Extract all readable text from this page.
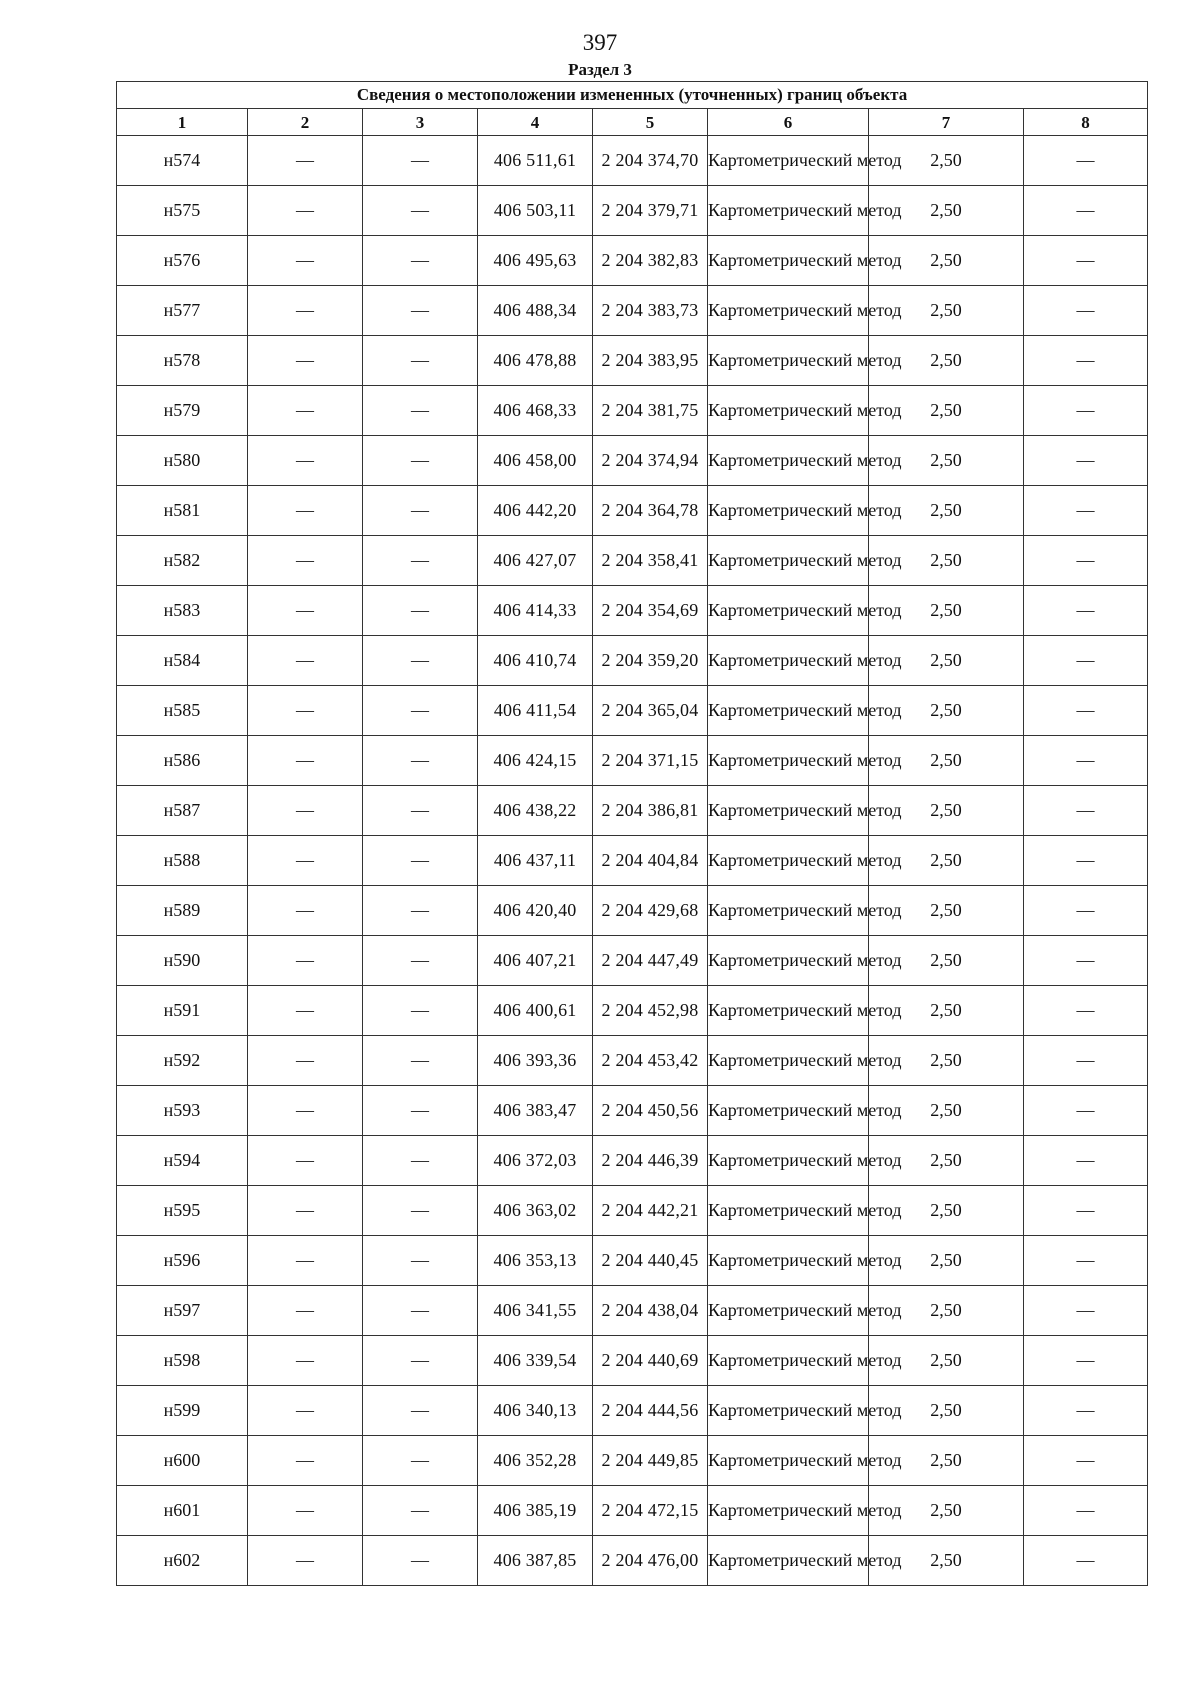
397
Раздел 3
Сведения о местоположении измененных (уточненных) границ объекта							
1	2	3	4	5	6	7	8
н574	—	—	406 511,61	2 204 374,70	Картометрический метод	2,50	—
н575	—	—	406 503,11	2 204 379,71	Картометрический метод	2,50	—
н576	—	—	406 495,63	2 204 382,83	Картометрический метод	2,50	—
н577	—	—	406 488,34	2 204 383,73	Картометрический метод	2,50	—
н578	—	—	406 478,88	2 204 383,95	Картометрический метод	2,50	—
н579	—	—	406 468,33	2 204 381,75	Картометрический метод	2,50	—
н580	—	—	406 458,00	2 204 374,94	Картометрический метод	2,50	—
н581	—	—	406 442,20	2 204 364,78	Картометрический метод	2,50	—
н582	—	—	406 427,07	2 204 358,41	Картометрический метод	2,50	—
н583	—	—	406 414,33	2 204 354,69	Картометрический метод	2,50	—
н584	—	—	406 410,74	2 204 359,20	Картометрический метод	2,50	—
н585	—	—	406 411,54	2 204 365,04	Картометрический метод	2,50	—
н586	—	—	406 424,15	2 204 371,15	Картометрический метод	2,50	—
н587	—	—	406 438,22	2 204 386,81	Картометрический метод	2,50	—
н588	—	—	406 437,11	2 204 404,84	Картометрический метод	2,50	—
н589	—	—	406 420,40	2 204 429,68	Картометрический метод	2,50	—
н590	—	—	406 407,21	2 204 447,49	Картометрический метод	2,50	—
н591	—	—	406 400,61	2 204 452,98	Картометрический метод	2,50	—
н592	—	—	406 393,36	2 204 453,42	Картометрический метод	2,50	—
н593	—	—	406 383,47	2 204 450,56	Картометрический метод	2,50	—
н594	—	—	406 372,03	2 204 446,39	Картометрический метод	2,50	—
н595	—	—	406 363,02	2 204 442,21	Картометрический метод	2,50	—
н596	—	—	406 353,13	2 204 440,45	Картометрический метод	2,50	—
н597	—	—	406 341,55	2 204 438,04	Картометрический метод	2,50	—
н598	—	—	406 339,54	2 204 440,69	Картометрический метод	2,50	—
н599	—	—	406 340,13	2 204 444,56	Картометрический метод	2,50	—
н600	—	—	406 352,28	2 204 449,85	Картометрический метод	2,50	—
н601	—	—	406 385,19	2 204 472,15	Картометрический метод	2,50	—
н602	—	—	406 387,85	2 204 476,00	Картометрический метод	2,50	—
